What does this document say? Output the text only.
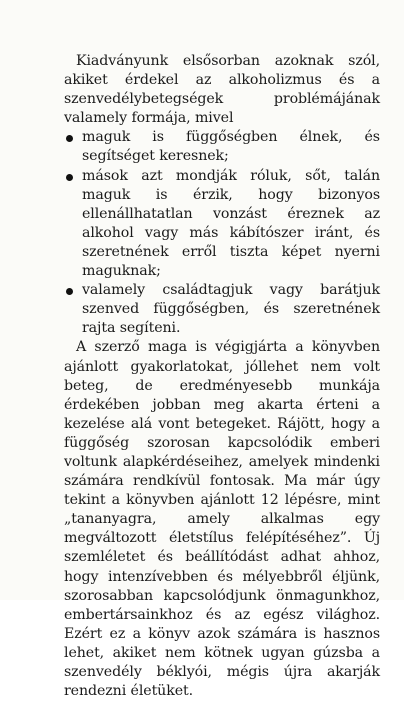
Kiadványunk elsősorban azoknak szól, akiket érdekel az alkoholizmus és a szenvedélybetegségek problémájának valamely formája, mivel

maguk is függőségben élnek, és segítséget keresnek;
mások azt mondják róluk, sőt, talán maguk is érzik, hogy bizonyos ellenállhatatlan vonzást éreznek az alkohol vagy más kábítószer iránt, és szeretnének erről tiszta képet nyerni maguknak;
valamely családtagjuk vagy barátjuk szenved függőségben, és szeretnének rajta segíteni.

A szerző maga is végigjárta a könyvben ajánlott gyakorlatokat, jóllehet nem volt beteg, de eredményesebb munkája érdekében jobban meg akarta érteni a kezelése alá vont betegeket. Rájött, hogy a függőség szorosan kapcsolódik emberi voltunk alapkérdéseihez, amelyek mindenki számára rendkívül fontosak. Ma már úgy tekint a könyvben ajánlott 12 lépésre, mint „tananyagra, amely alkalmas egy megváltozott életstílus felépítéséhez”. Új szemléletet és beállítódást adhat ahhoz, hogy intenzívebben és mélyebbről éljünk, szorosabban kapcsolódjunk önmagunkhoz, embertársainkhoz és az egész világhoz. Ezért ez a könyv azok számára is hasznos lehet, akiket nem kötnek ugyan gúzsba a szenvedély béklyói, mégis újra akarják rendezni életüket.
